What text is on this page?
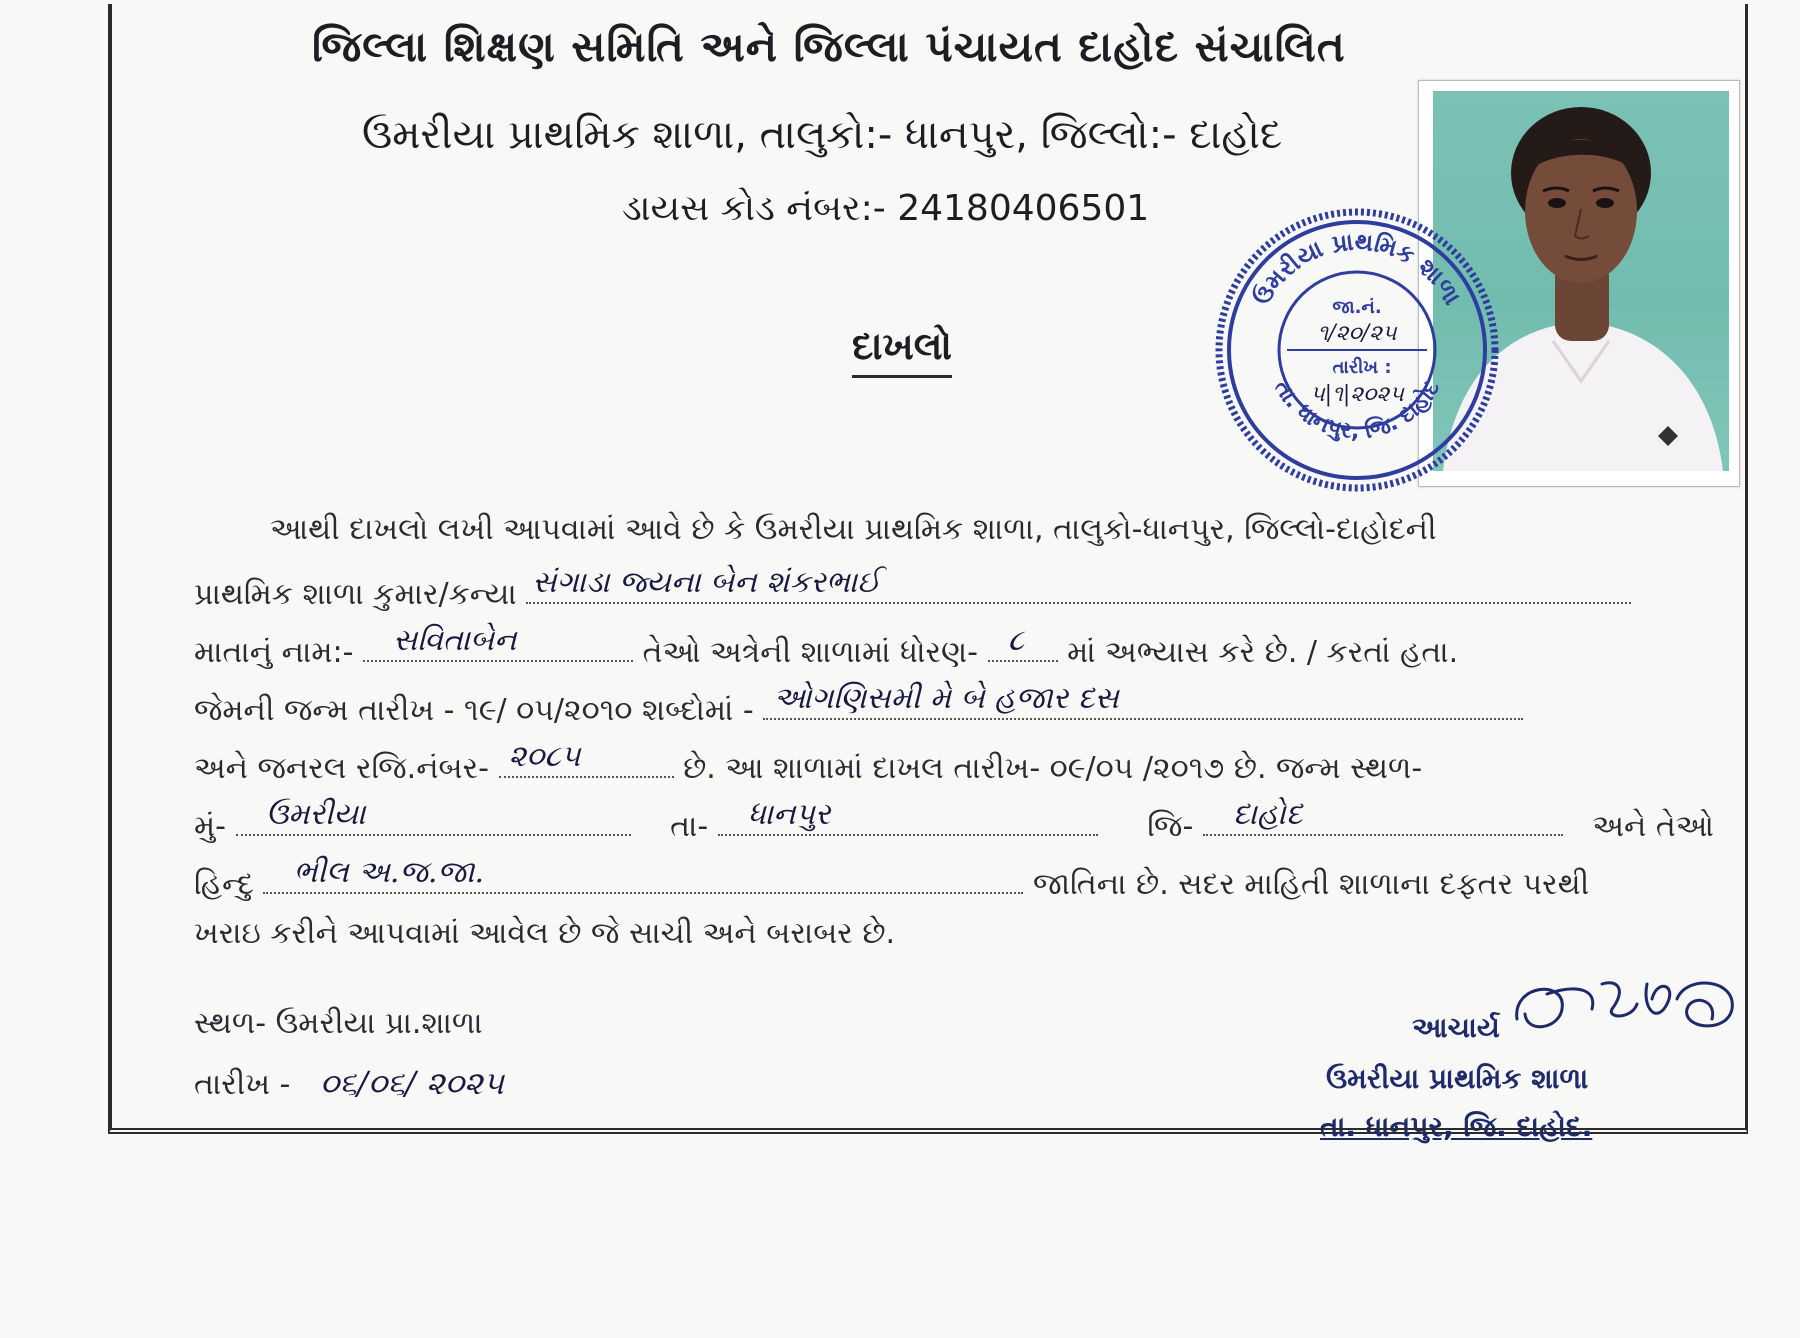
જિલ્લા શિક્ષણ સમિતિ અને જિલ્લા પંચાયત દાહોદ સંચાલિત
ઉમરીયા પ્રાથમિક શાળા, તાલુકો:- ધાનપુર, જિલ્લો:- દાહોદ
ડાયસ કોડ નંબર:- 24180406501
દાખલો
આથી દાખલો લખી આપવામાં આવે છે કે ઉમરીયા પ્રાથમિક શાળા, તાલુકો-ધાનપુર, જિલ્લો-દાહોદની
પ્રાથમિક શાળા કુમાર/કન્યા સંગાડા જ્યના બેન શંકરભાઈ
માતાનું નામ:- સવિતાબેન	તેઓ અત્રેની શાળામાં ધોરણ- ૮ માં અભ્યાસ કરે છે. / કરતાં હતા.
જેમની જન્મ તારીખ - ૧૯/ ૦૫/૨૦૧૦ શબ્દોમાં - ઓગણિસમી મે બે હજાર દસ
અને જનરલ રજિ.નંબર- ૨૦૮૫	છે. આ શાળામાં દાખલ તારીખ- ૦૯/૦૫ /૨૦૧૭ છે. જન્મ સ્થળ-
મું- ઉમરીયા	તા- ધાનપુર	જિ- દાહોદ	અને તેઓ
હિન્દુ ભીલ અ.જ.જા.	જાતિના છે. સદર માહિતી શાળાના દફતર પરથી
ખરાઇ કરીને આપવામાં આવેલ છે જે સાચી અને બરાબર છે.
સ્થળ- ઉમરીયા પ્રા.શાળા
તારીખ - ૦૬/૦૬/ ૨૦૨૫
આચાર્ય
ઉમરીયા પ્રાથમિક શાળા
તા. ધાનપુર, જિ. દાહોદ.
ઉમરીયા પ્રાથમિક શાળા
તા. ધાનપુર, જિ. દાહોદ
જા.નં.
૧/૨૦/૨૫
તારીખ :
૫|૧|૨૦૨૫
